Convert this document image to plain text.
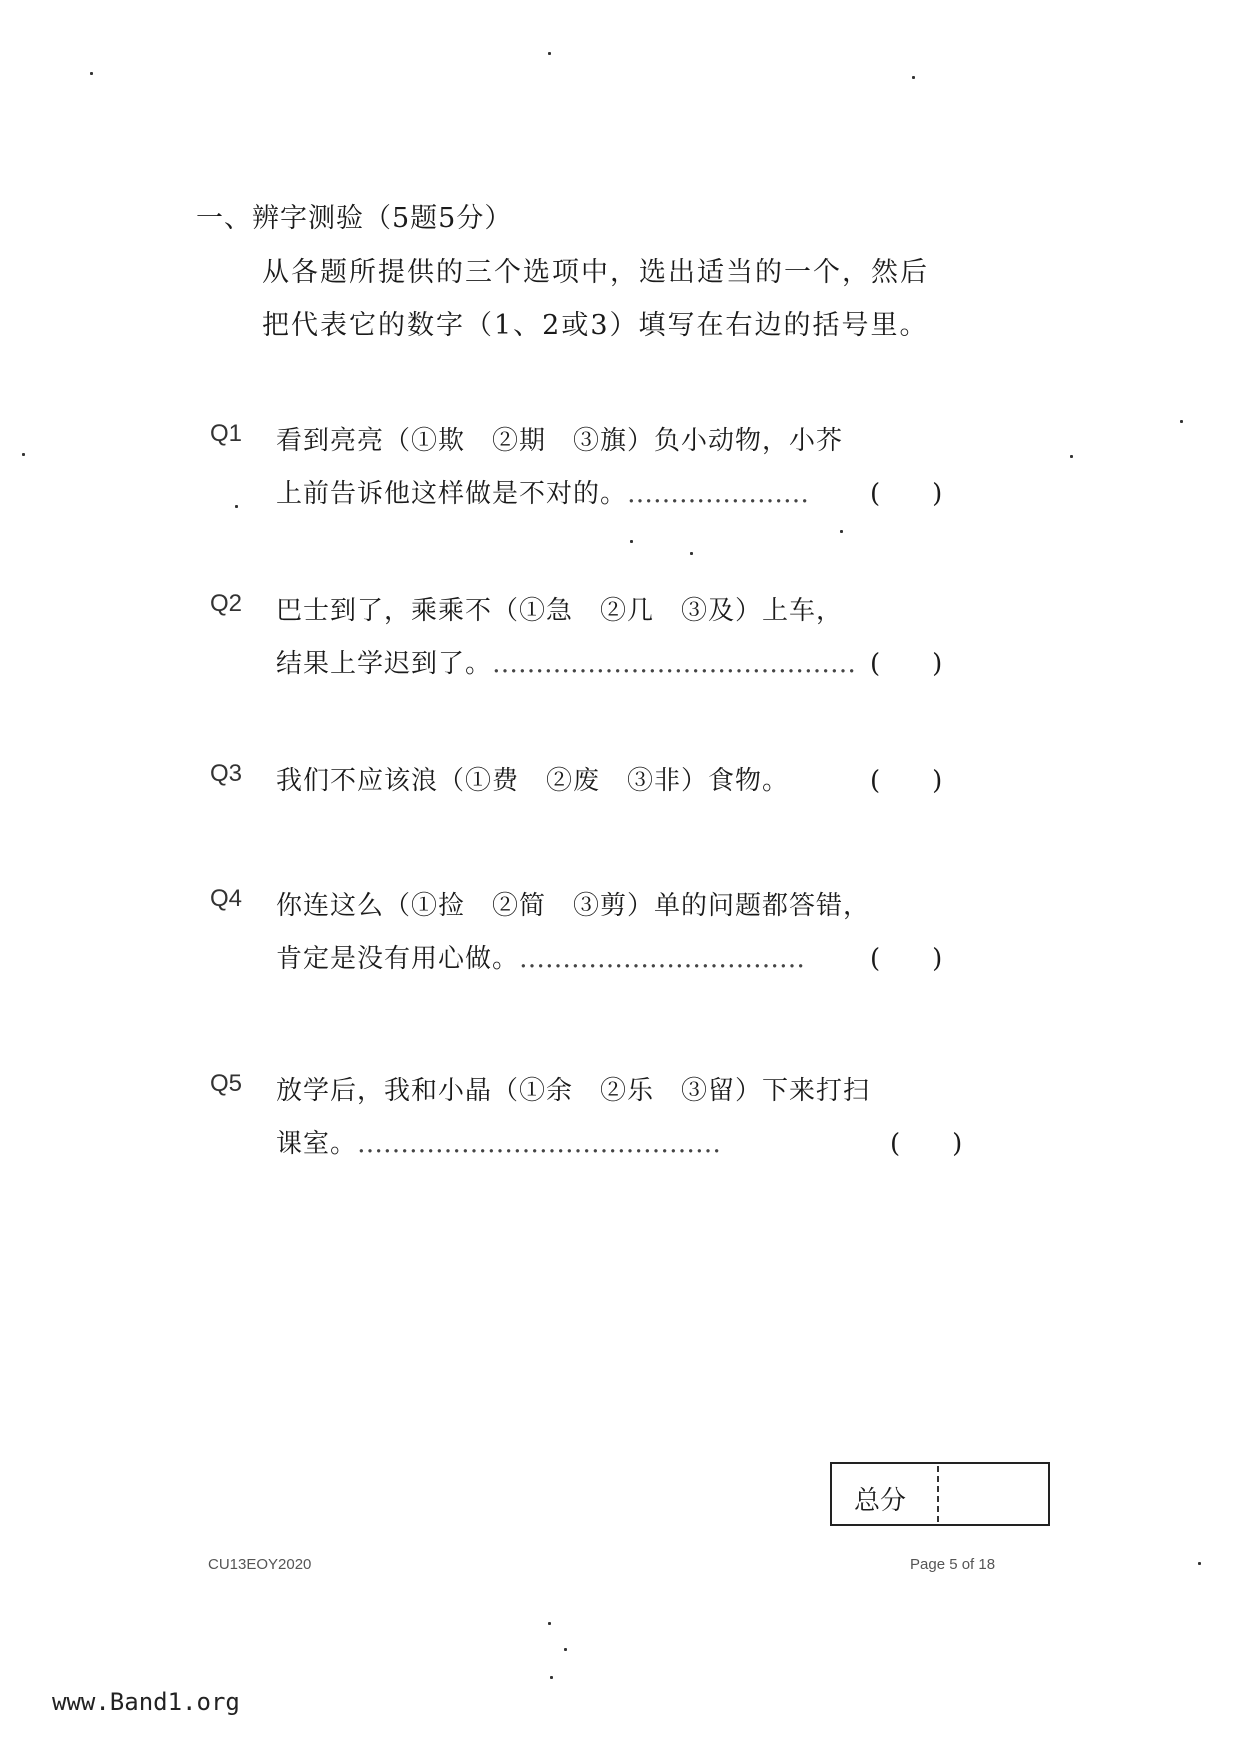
一、辨字测验（5题5分）
从各题所提供的三个选项中，选出适当的一个，然后
把代表它的数字（1、2或3）填写在右边的括号里。
Q1 看到亮亮（①欺　②期　③旗）负小动物，小芥
上前告诉他这样做是不对的。………………… (　　)
Q2 巴士到了，乘乘不（①急　②几　③及）上车，
结果上学迟到了。…………………………………… (　　)
Q3 我们不应该浪（①费　②废　③非）食物。	(　　)
Q4 你连这么（①捡　②简　③剪）单的问题都答错，
肯定是没有用心做。…………………………… (　　)
Q5 放学后，我和小晶（①余　②乐　③留）下来打扫
课室。……………………………………	(　　)
总分
CU13EOY2020	Page 5 of 18
www.Band1.org
